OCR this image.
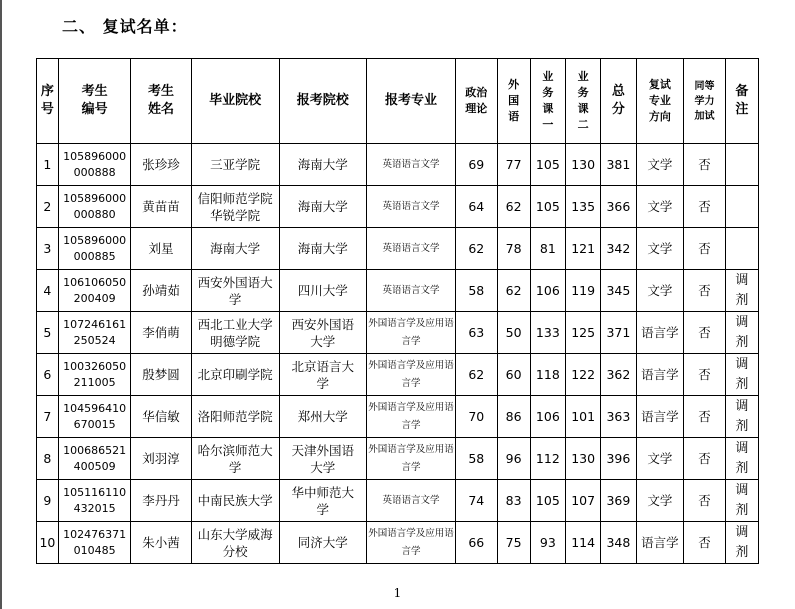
二、 复试名单：
序号	考生编号	考生姓名	毕业院校	报考院校	报考专业	政治理论	外国语	业务课一	业务课二	总分	复试专业方向	同等学力加试	备注
1	105896000000888	张珍珍	三亚学院	海南大学	英语语言文学	69	77	105	130	381	文学	否	
2	105896000000880	黄苗苗	信阳师范学院华锐学院	海南大学	英语语言文学	64	62	105	135	366	文学	否	
3	105896000000885	刘星	海南大学	海南大学	英语语言文学	62	78	81	121	342	文学	否	
4	106106050200409	孙靖茹	西安外国语大学	四川大学	英语语言文学	58	62	106	119	345	文学	否	调剂
5	107246161250524	李俏萌	西北工业大学明德学院	西安外国语大学	外国语言学及应用语言学	63	50	133	125	371	语言学	否	调剂
6	100326050211005	殷梦圆	北京印刷学院	北京语言大学	外国语言学及应用语言学	62	60	118	122	362	语言学	否	调剂
7	104596410670015	华信敏	洛阳师范学院	郑州大学	外国语言学及应用语言学	70	86	106	101	363	语言学	否	调剂
8	100686521400509	刘羽淳	哈尔滨师范大学	天津外国语大学	外国语言学及应用语言学	58	96	112	130	396	文学	否	调剂
9	105116110432015	李丹丹	中南民族大学	华中师范大学	英语语言文学	74	83	105	107	369	文学	否	调剂
10	102476371010485	朱小茜	山东大学威海分校	同济大学	外国语言学及应用语言学	66	75	93	114	348	语言学	否	调剂
1
